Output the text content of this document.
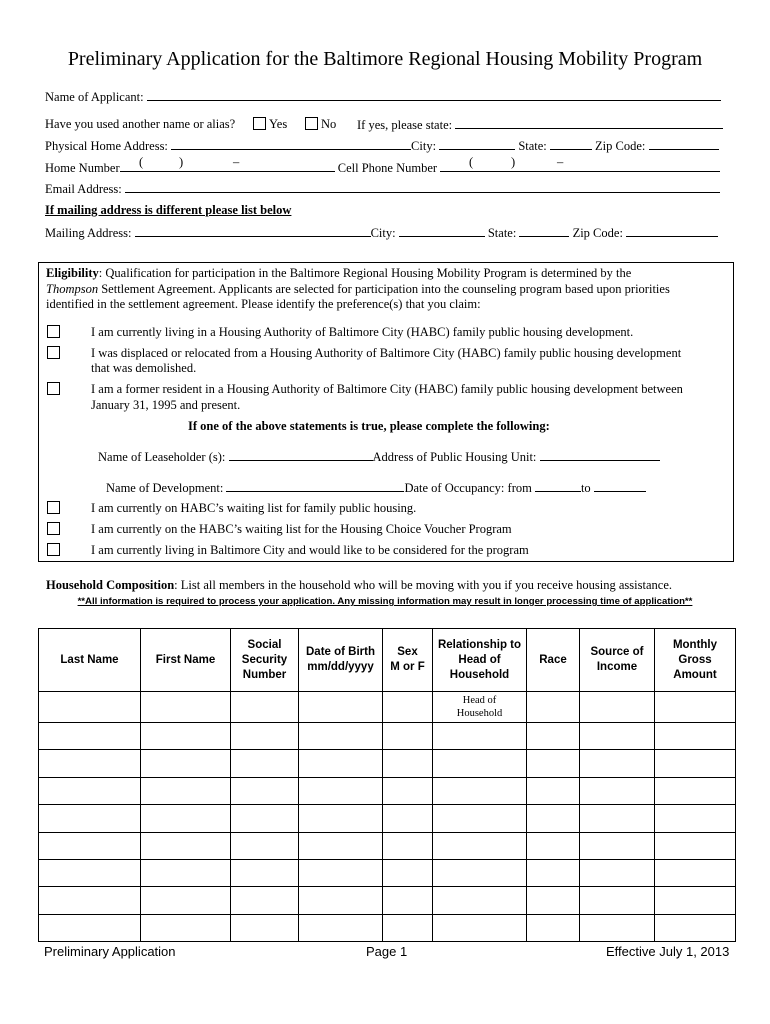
Preliminary Application for the Baltimore Regional Housing Mobility Program
Name of Applicant:
Have you used another name or alias?	Yes	No If yes, please state:
Physical Home Address:	City:	State:	Zip Code:
Home Number	Cell Phone Number
(	)	–	(	)	–
Email Address:
If mailing address is different please list below
Mailing Address:	City:	State:	Zip Code:
Eligibility: Qualification for participation in the Baltimore Regional Housing Mobility Program is determined by the
Thompson Settlement Agreement. Applicants are selected for participation into the counseling program based upon priorities
identified in the settlement agreement. Please identify the preference(s) that you claim:
I am currently living in a Housing Authority of Baltimore City (HABC) family public housing development.
I was displaced or relocated from a Housing Authority of Baltimore City (HABC) family public housing development
that was demolished.
I am a former resident in a Housing Authority of Baltimore City (HABC) family public housing development between
January 31, 1995 and present.
If one of the above statements is true, please complete the following:
Name of Leaseholder (s):	Address of Public Housing Unit:
Name of Development:	Date of Occupancy: from	to
I am currently on HABC’s waiting list for family public housing.
I am currently on the HABC’s waiting list for the Housing Choice Voucher Program
I am currently living in Baltimore City and would like to be considered for the program
Household Composition: List all members in the household who will be moving with you if you receive housing assistance.
**All information is required to process your application. Any missing information may result in longer processing time of application**
Last Name	First Name	Social
Security
Number	Date of Birth
mm/dd/yyyy	Sex
M or F	Relationship to
Head of
Household	Race	Source of
Income	Monthly
Gross
Amount

					Head of
Household			

Preliminary Application	Page 1	Effective July 1, 2013
